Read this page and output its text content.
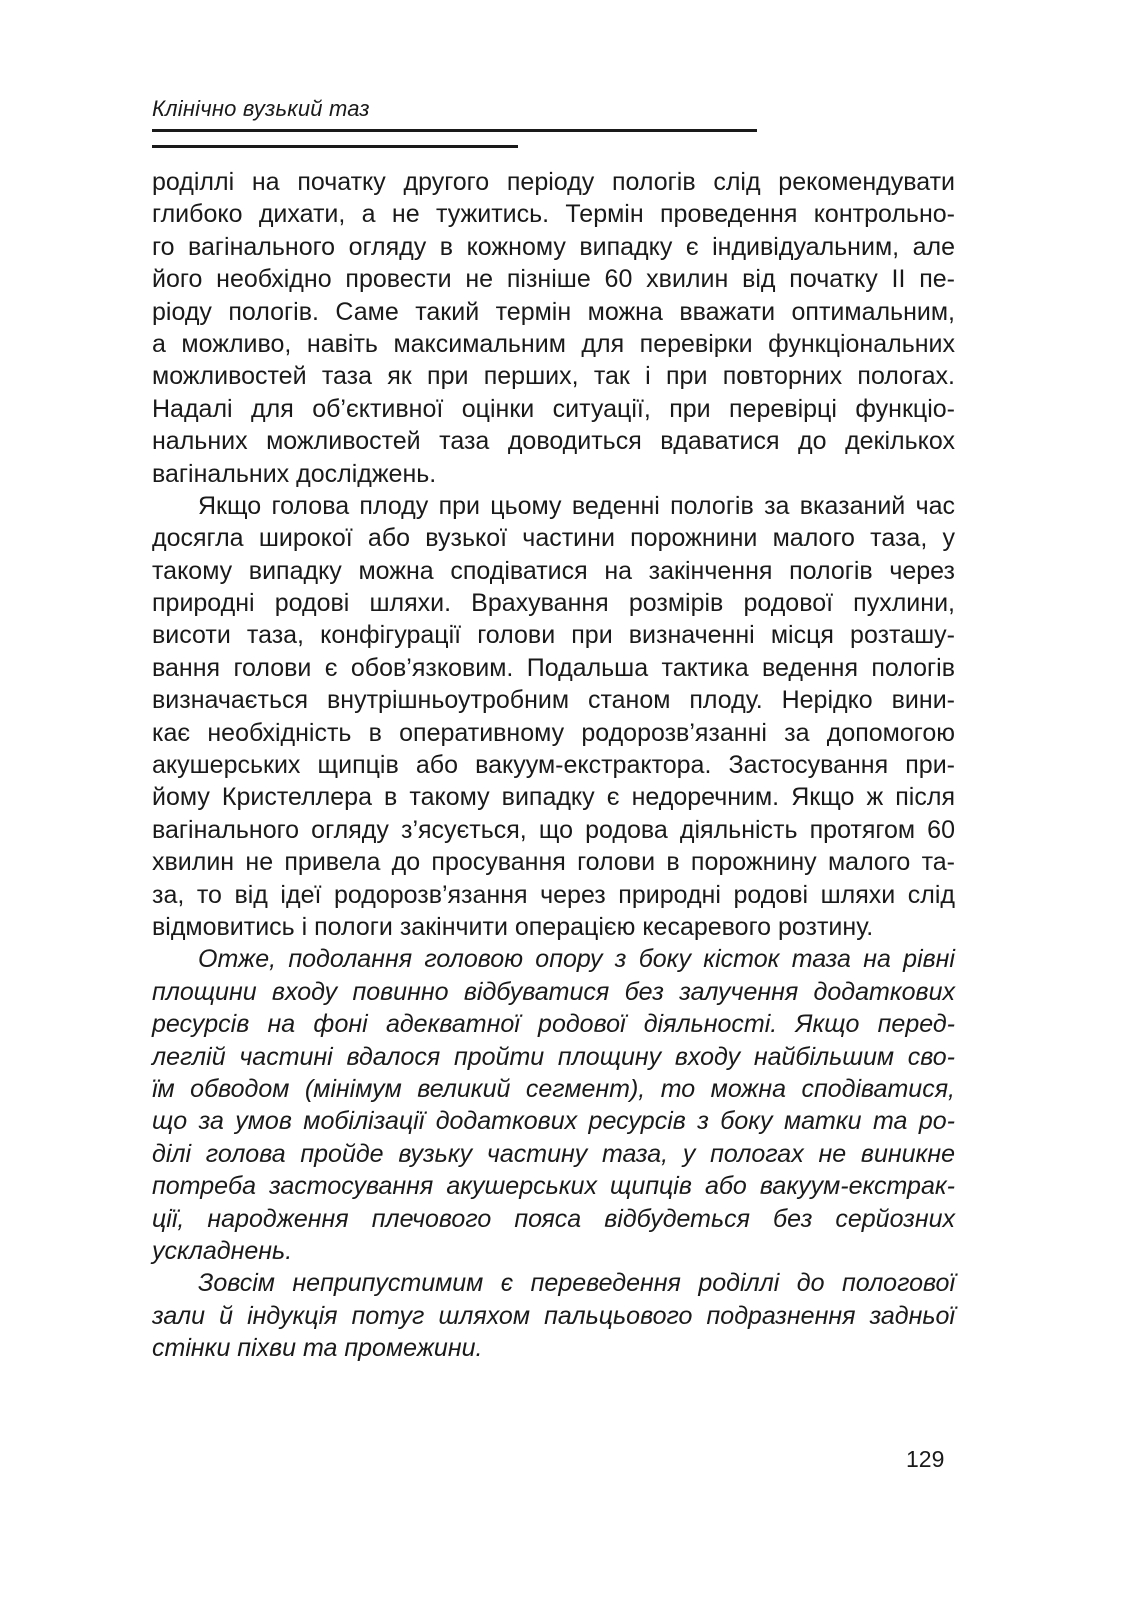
Клінічно вузький таз
роділлі на початку другого періоду пологів слід рекомендувати
глибоко дихати, а не тужитись. Термін проведення контрольно-
го вагінального огляду в кожному випадку є індивідуальним, але
його необхідно провести не пізніше 60 хвилин від початку II пе-
ріоду пологів. Саме такий термін можна вважати оптимальним,
а можливо, навіть максимальним для перевірки функціональних
можливостей таза як при перших, так і при повторних пологах.
Надалі для об’єктивної оцінки ситуації, при перевірці функціо-
нальних можливостей таза доводиться вдаватися до декількох
вагінальних досліджень.
Якщо голова плоду при цьому веденні пологів за вказаний час
досягла широкої або вузької частини порожнини малого таза, у
такому випадку можна сподіватися на закінчення пологів через
природні родові шляхи. Врахування розмірів родової пухлини,
висоти таза, конфігурації голови при визначенні місця розташу-
вання голови є обов’язковим. Подальша тактика ведення пологів
визначається внутрішньоутробним станом плоду. Нерідко вини-
кає необхідність в оперативному родорозв’язанні за допомогою
акушерських щипців або вакуум-екстрактора. Застосування при-
йому Кристеллера в такому випадку є недоречним. Якщо ж після
вагінального огляду з’ясується, що родова діяльність протягом 60
хвилин не привела до просування голови в порожнину малого та-
за, то від ідеї родорозв’язання через природні родові шляхи слід
відмовитись і пологи закінчити операцією кесаревого розтину.
Отже, подолання головою опору з боку кісток таза на рівні
площини входу повинно відбуватися без залучення додаткових
ресурсів на фоні адекватної родової діяльності. Якщо перед-
леглій частині вдалося пройти площину входу найбільшим сво-
їм обводом (мінімум великий сегмент), то можна сподіватися,
що за умов мобілізації додаткових ресурсів з боку матки та ро-
ділі голова пройде вузьку частину таза, у пологах не виникне
потреба застосування акушерських щипців або вакуум-екстрак-
ції, народження плечового пояса відбудеться без серйозних
ускладнень.
Зовсім неприпустимим є переведення роділлі до пологової
зали й індукція потуг шляхом пальцьового подразнення задньої
стінки піхви та промежини.
129
